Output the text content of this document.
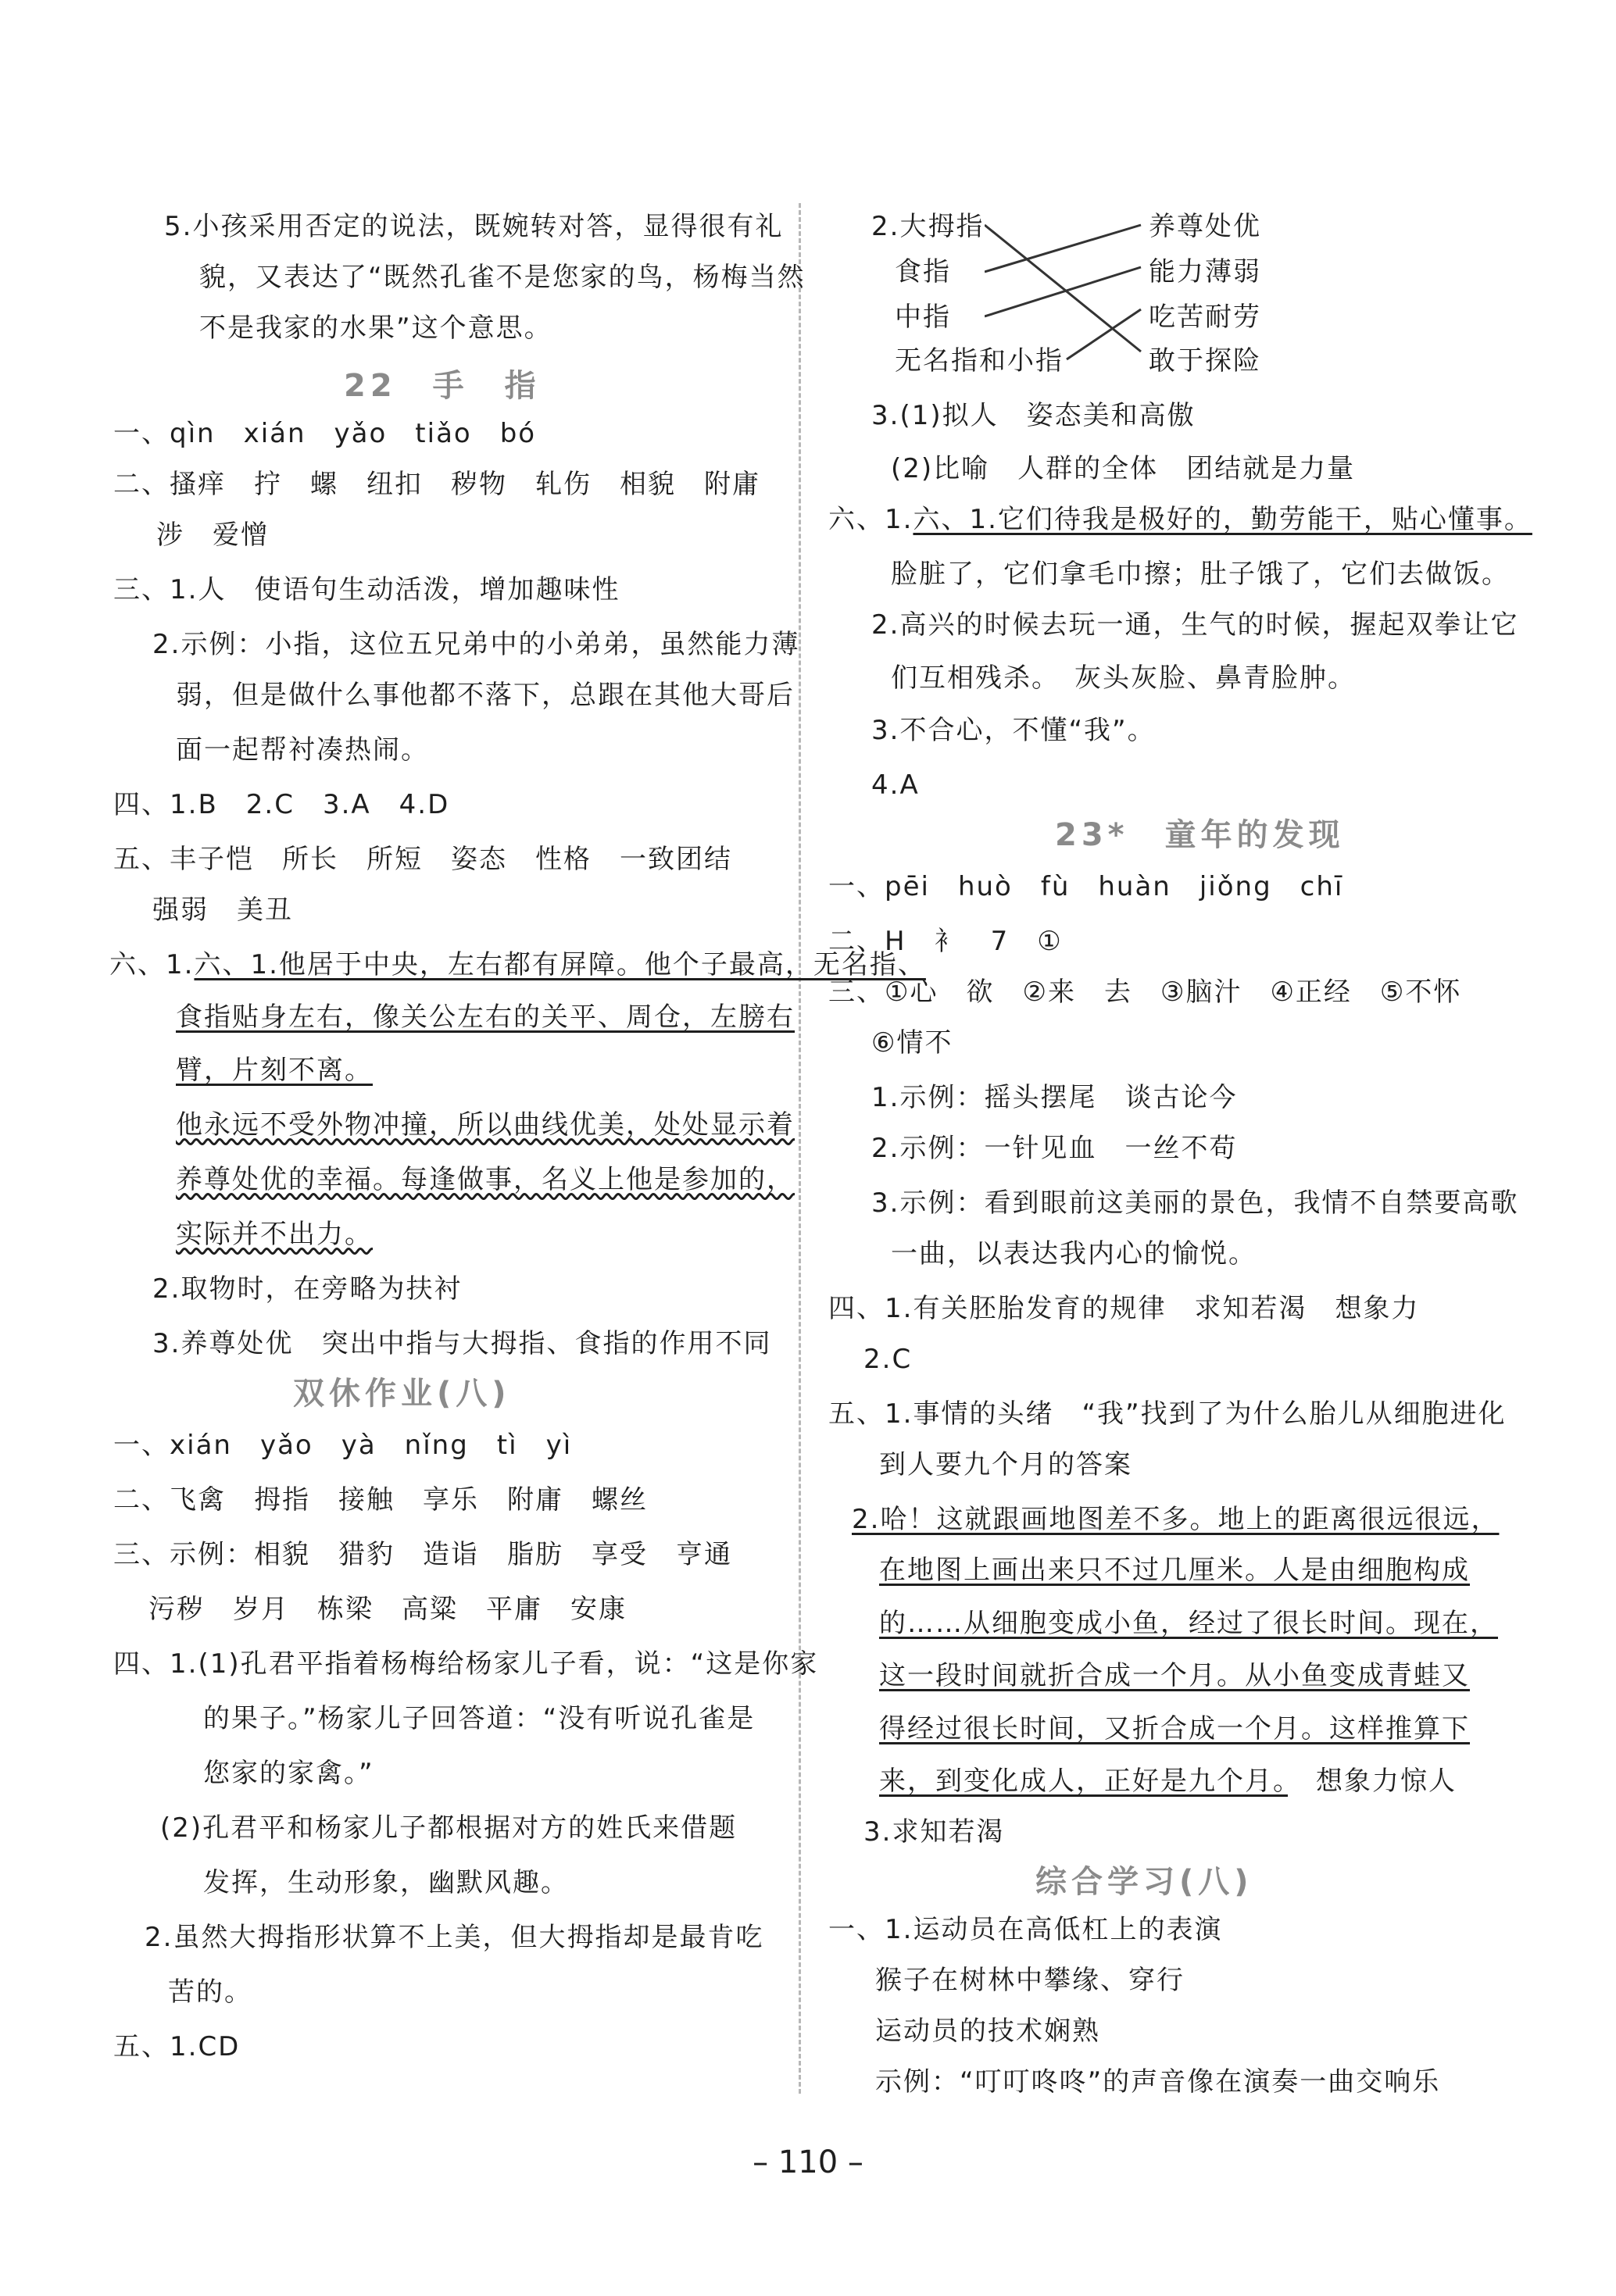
5.小孩采用否定的说法，既婉转对答，显得很有礼
貌，又表达了“既然孔雀不是您家的鸟，杨梅当然
不是我家的水果”这个意思。
22　手　指
一、qìn　xián　yǎo　tiǎo　bó
二、搔痒　拧　螺　纽扣　秽物　轧伤　相貌　附庸
涉　爱憎
三、1.人　使语句生动活泼，增加趣味性
2.示例：小指，这位五兄弟中的小弟弟，虽然能力薄
弱，但是做什么事他都不落下，总跟在其他大哥后
面一起帮衬凑热闹。
四、1.B　2.C　3.A　4.D
五、丰子恺　所长　所短　姿态　性格　一致团结
强弱　美丑
六、1.六、1.他居于中央，左右都有屏障。他个子最高，无名指、
食指贴身左右，像关公左右的关平、周仓，左膀右
臂，片刻不离。
他永远不受外物冲撞，所以曲线优美，处处显示着
养尊处优的幸福。每逢做事，名义上他是参加的，
实际并不出力。
2.取物时，在旁略为扶衬
3.养尊处优　突出中指与大拇指、食指的作用不同
双休作业(八)
一、xián　yǎo　yà　nǐng　tì　yì
二、飞禽　拇指　接触　享乐　附庸　螺丝
三、示例：相貌　猎豹　造诣　脂肪　享受　亨通
污秽　岁月　栋梁　高粱　平庸　安康
四、1.(1)孔君平指着杨梅给杨家儿子看，说：“这是你家
的果子。”杨家儿子回答道：“没有听说孔雀是
您家的家禽。”
(2)孔君平和杨家儿子都根据对方的姓氏来借题
发挥，生动形象，幽默风趣。
2.虽然大拇指形状算不上美，但大拇指却是最肯吃
苦的。
五、1.CD
2.大拇指
食指
中指
无名指和小指
养尊处优
能力薄弱
吃苦耐劳
敢于探险
3.(1)拟人　姿态美和高傲
(2)比喻　人群的全体　团结就是力量
六、1.六、1.它们待我是极好的，勤劳能干，贴心懂事。
脸脏了，它们拿毛巾擦；肚子饿了，它们去做饭。
2.高兴的时候去玩一通，生气的时候，握起双拳让它
们互相残杀。　灰头灰脸、鼻青脸肿。
3.不合心，不懂“我”。
4.A
23*　童年的发现
一、pēi　huò　fù　huàn　jiǒng　chī
二、H　衤　7　①
三、①心　欲　②来　去　③脑汁　④正经　⑤不怀
⑥情不
1.示例：摇头摆尾　谈古论今
2.示例：一针见血　一丝不苟
3.示例：看到眼前这美丽的景色，我情不自禁要高歌
一曲，以表达我内心的愉悦。
四、1.有关胚胎发育的规律　求知若渴　想象力
2.C
五、1.事情的头绪　“我”找到了为什么胎儿从细胞进化
到人要九个月的答案
2.哈！这就跟画地图差不多。地上的距离很远很远，
在地图上画出来只不过几厘米。人是由细胞构成
的……从细胞变成小鱼，经过了很长时间。现在，
这一段时间就折合成一个月。从小鱼变成青蛙又
得经过很长时间，又折合成一个月。这样推算下
来，到变化成人，正好是九个月。　 想象力惊人
3.求知若渴
综合学习(八)
一、1.运动员在高低杠上的表演
猴子在树林中攀缘、穿行
运动员的技术娴熟
示例：“叮叮咚咚”的声音像在演奏一曲交响乐
– 110 –
